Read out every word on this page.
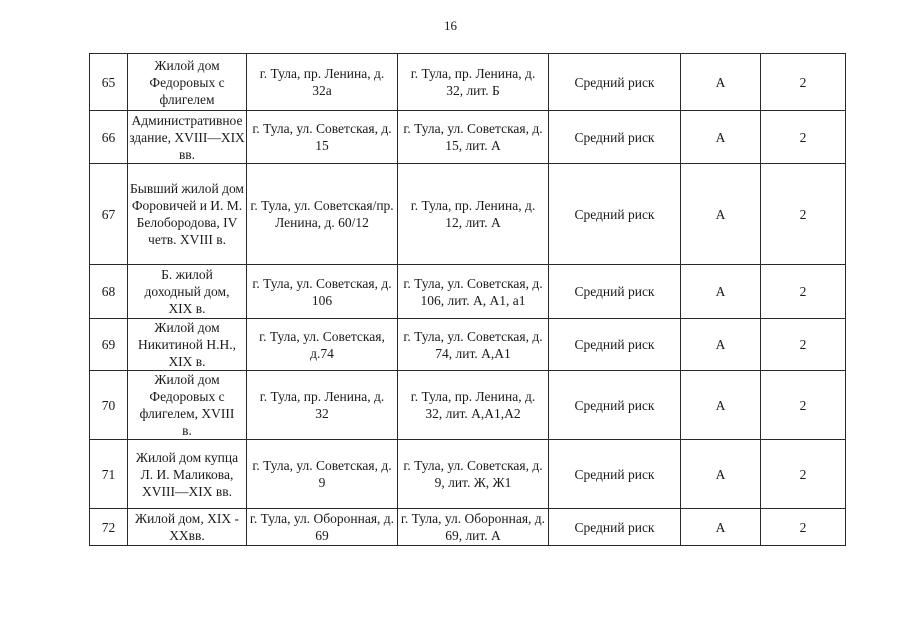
16
65	Жилой дом Федоровых с флигелем	г. Тула, пр. Ленина, д. 32а	г. Тула, пр. Ленина, д. 32, лит. Б	Средний риск	А	2
66	Административное здание, XVIII—XIX вв.	г. Тула, ул. Советская, д. 15	г. Тула, ул. Советская, д. 15, лит. А	Средний риск	А	2
67	Бывший жилой дом Форовичей и И. М. Белобородова, IV четв. XVIII в.	г. Тула, ул. Советская/пр. Ленина, д. 60/12	г. Тула, пр. Ленина, д. 12, лит. А	Средний риск	А	2
68	Б. жилой доходный дом, XIX в.	г. Тула, ул. Советская, д. 106	г. Тула, ул. Советская, д. 106, лит. А, А1, а1	Средний риск	А	2
69	Жилой дом Никитиной Н.Н., XIX в.	г. Тула, ул. Советская, д.74	г. Тула, ул. Советская, д. 74, лит. А,А1	Средний риск	А	2
70	Жилой дом Федоровых с флигелем, XVIII в.	г. Тула, пр. Ленина, д. 32	г. Тула, пр. Ленина, д. 32, лит. А,А1,А2	Средний риск	А	2
71	Жилой дом купца Л. И. Маликова, XVIII—XIX вв.	г. Тула, ул. Советская, д. 9	г. Тула, ул. Советская, д. 9, лит. Ж, Ж1	Средний риск	А	2
72	Жилой дом, XIX - XXвв.	г. Тула, ул. Оборонная, д. 69	г. Тула, ул. Оборонная, д. 69, лит. А	Средний риск	А	2
